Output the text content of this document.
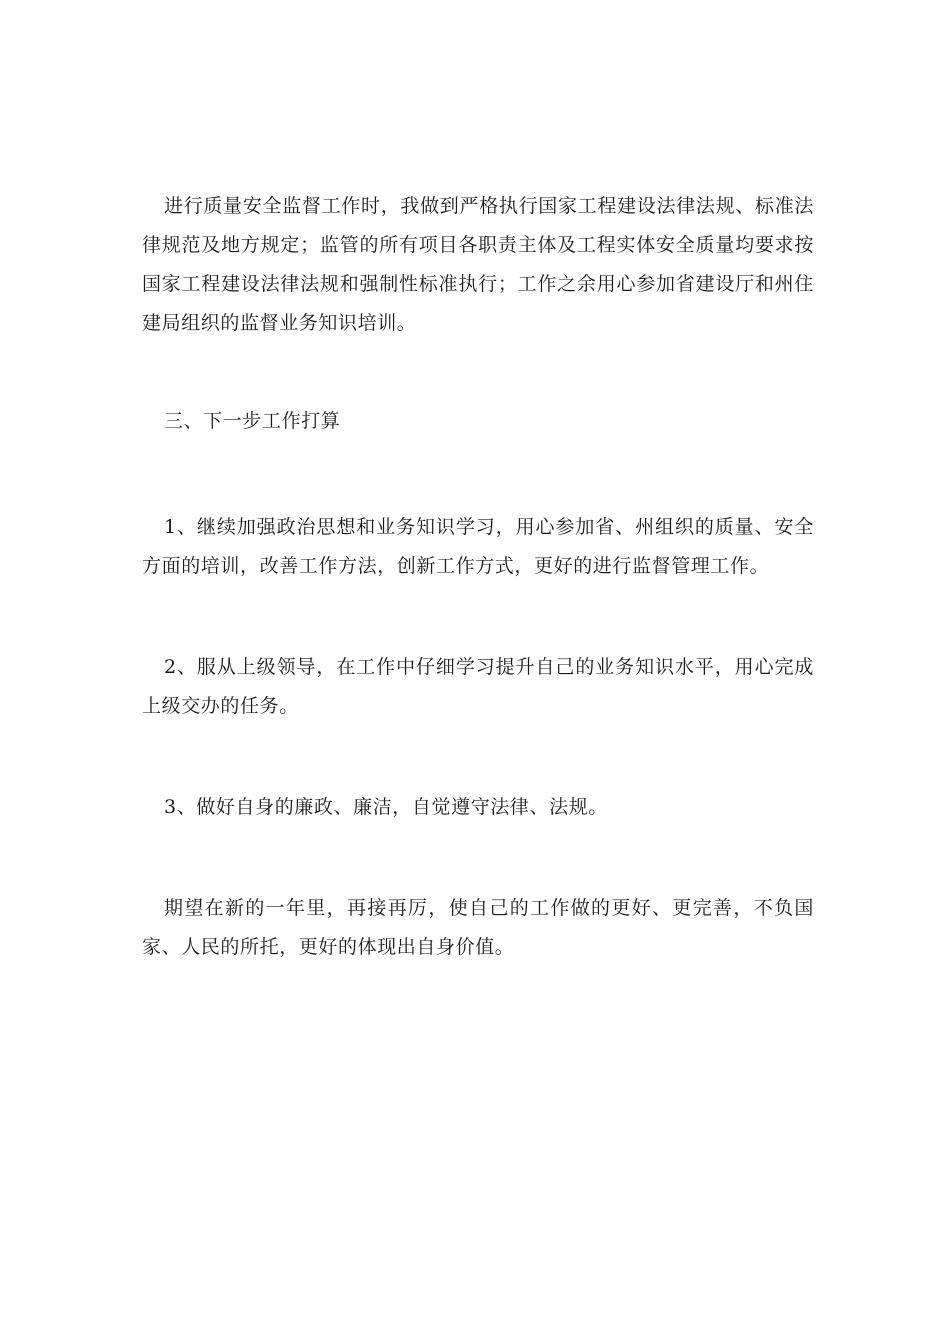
进行质量安全监督工作时，我做到严格执行国家工程建设法律法规、标准法律规范及地方规定；监管的所有项目各职责主体及工程实体安全质量均要求按国家工程建设法律法规和强制性标准执行；工作之余用心参加省建设厅和州住建局组织的监督业务知识培训。

三、下一步工作打算

1、继续加强政治思想和业务知识学习，用心参加省、州组织的质量、安全方面的培训，改善工作方法，创新工作方式，更好的进行监督管理工作。

2、服从上级领导，在工作中仔细学习提升自己的业务知识水平，用心完成上级交办的任务。

3、做好自身的廉政、廉洁，自觉遵守法律、法规。

期望在新的一年里，再接再厉，使自己的工作做的更好、更完善，不负国家、人民的所托，更好的体现出自身价值。
